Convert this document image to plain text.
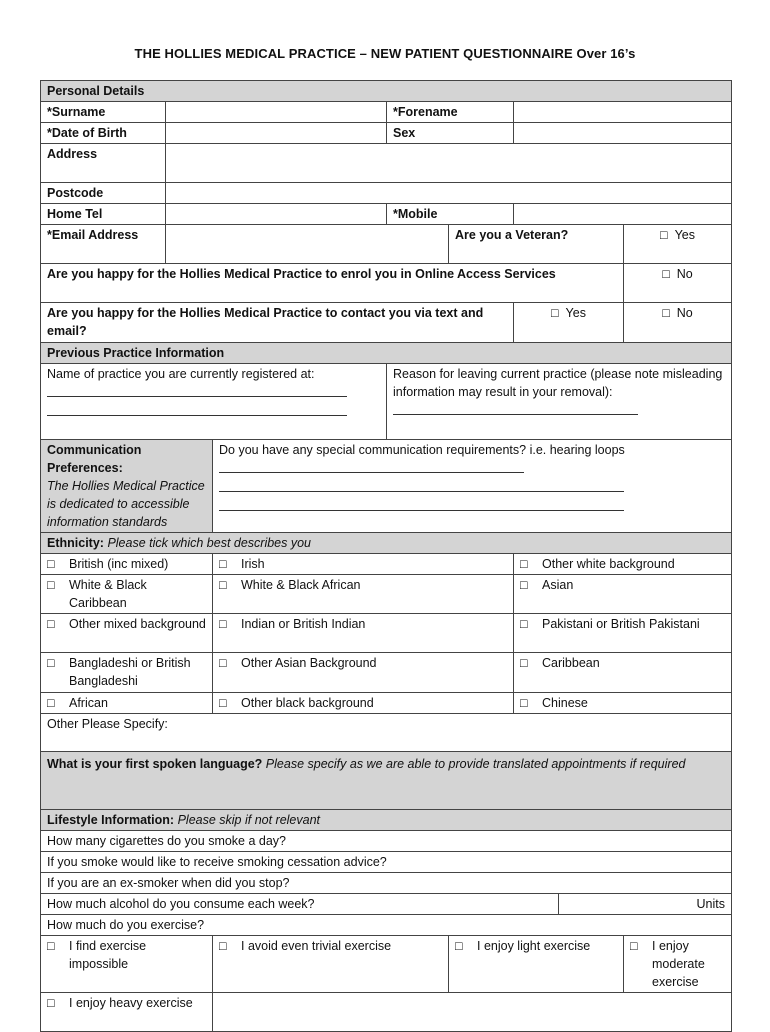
THE HOLLIES MEDICAL PRACTICE – NEW PATIENT QUESTIONNAIRE Over 16’s
Personal Details							
*Surname			*Forename				
*Date of Birth			Sex				
Address							
Postcode							
Home Tel			*Mobile				
*Email Address				Are you a Veteran?			□ Yes
Are you happy for the Hollies Medical Practice to enrol you in Online Access Services							□ No
Are you happy for the Hollies Medical Practice to contact you via text and email?					□ Yes		□ No
Previous Practice Information							
Name of practice you are currently registered at:			Reason for leaving current practice (please note misleading information may result in your removal):				

Communication Preferences:
The Hollies Medical Practice is dedicated to accessible information standards		Do you have any special communication requirements? i.e. hearing loops					

Ethnicity: Please tick which best describes you							

□ British (inc mixed)		□ Irish			□ Other white background		

□ White & Black Caribbean		□ White & Black African			□ Asian		

□ Other mixed background		□ Indian or British Indian			□ Pakistani or British Pakistani		

□ Bangladeshi or British Bangladeshi		□ Other Asian Background			□ Caribbean		

□ African		□ Other black background			□ Chinese		

Other Please Specify:							
What is your first spoken language? Please specify as we are able to provide translated appointments if required							
Lifestyle Information: Please skip if not relevant							
How many cigarettes do you smoke a day?							
If you smoke would like to receive smoking cessation advice?							
If you are an ex-smoker when did you stop?							
How much alcohol do you consume each week?						Units	
How much do you exercise?							

□ I find exercise impossible		□ I avoid even trivial exercise		□ I enjoy light exercise			□ I enjoy moderate exercise

□ I enjoy heavy exercise							
